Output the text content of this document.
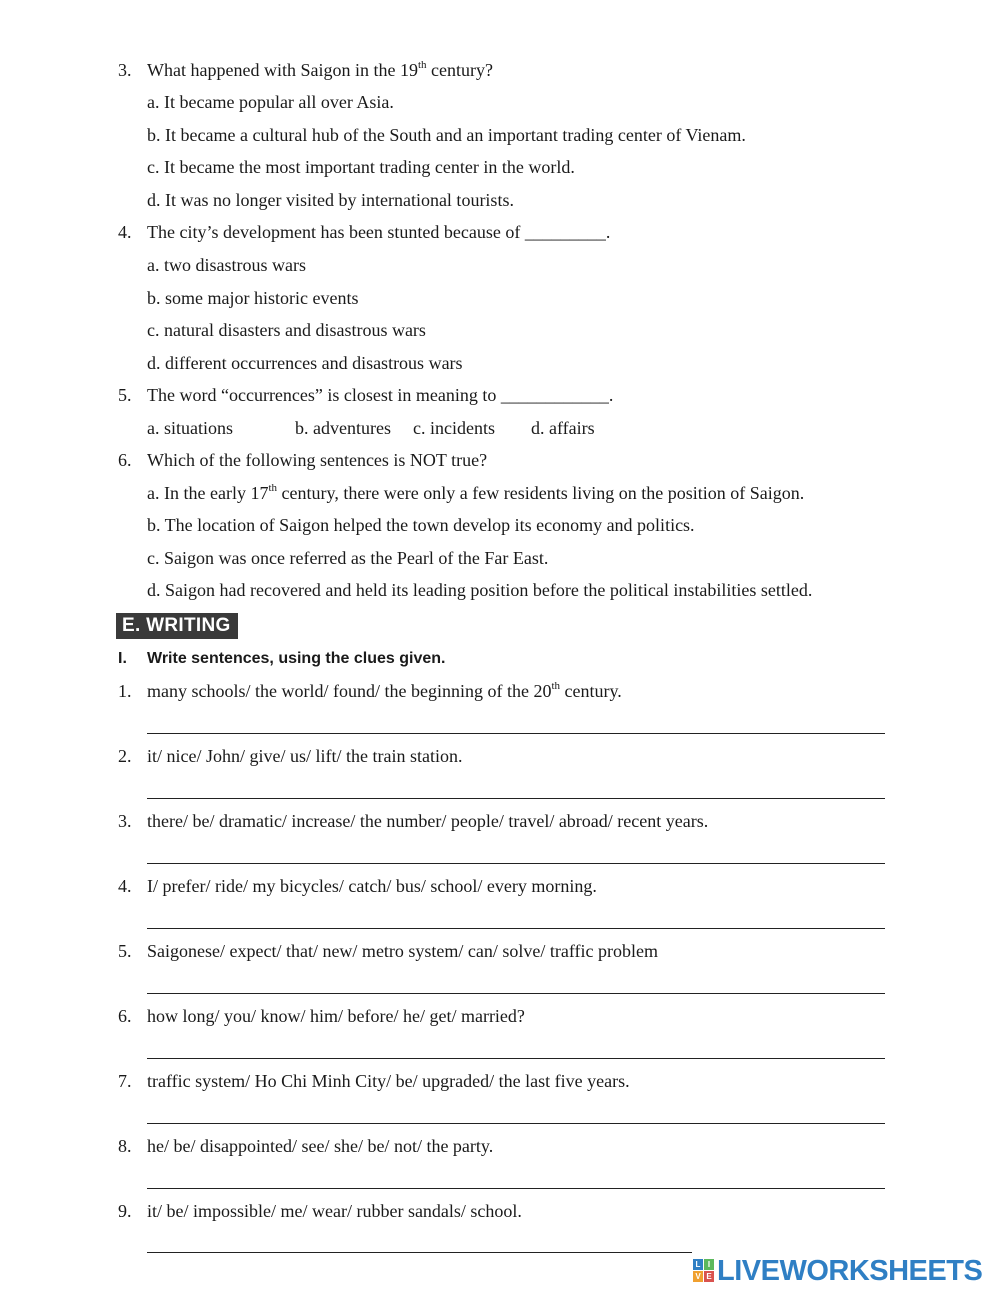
3. What happened with Saigon in the 19th century?
a. It became popular all over Asia.
b. It became a cultural hub of the South and an important trading center of Vienam.
c. It became the most important trading center in the world.
d. It was no longer visited by international tourists.
4. The city’s development has been stunted because of _________.
a. two disastrous wars
b. some major historic events
c. natural disasters and disastrous wars
d. different occurrences and disastrous wars
5. The word “occurrences” is closest in meaning to ____________.
a. situations	b. adventures c. incidents d. affairs
6. Which of the following sentences is NOT true?
a. In the early 17th century, there were only a few residents living on the position of Saigon.
b. The location of Saigon helped the town develop its economy and politics.
c. Saigon was once referred as the Pearl of the Far East.
d. Saigon had recovered and held its leading position before the political instabilities settled.
E. WRITING
I. Write sentences, using the clues given.
1. many schools/ the world/ found/ the beginning of the 20th century.
2. it/ nice/ John/ give/ us/ lift/ the train station.
3. there/ be/ dramatic/ increase/ the number/ people/ travel/ abroad/ recent years.
4. I/ prefer/ ride/ my bicycles/ catch/ bus/ school/ every morning.
5. Saigonese/ expect/ that/ new/ metro system/ can/ solve/ traffic problem
6. how long/ you/ know/ him/ before/ he/ get/ married?
7. traffic system/ Ho Chi Minh City/ be/ upgraded/ the last five years.
8. he/ be/ disappointed/ see/ she/ be/ not/ the party.
9. it/ be/ impossible/ me/ wear/ rubber sandals/ school.
L I
V E LIVEWORKSHEETS
